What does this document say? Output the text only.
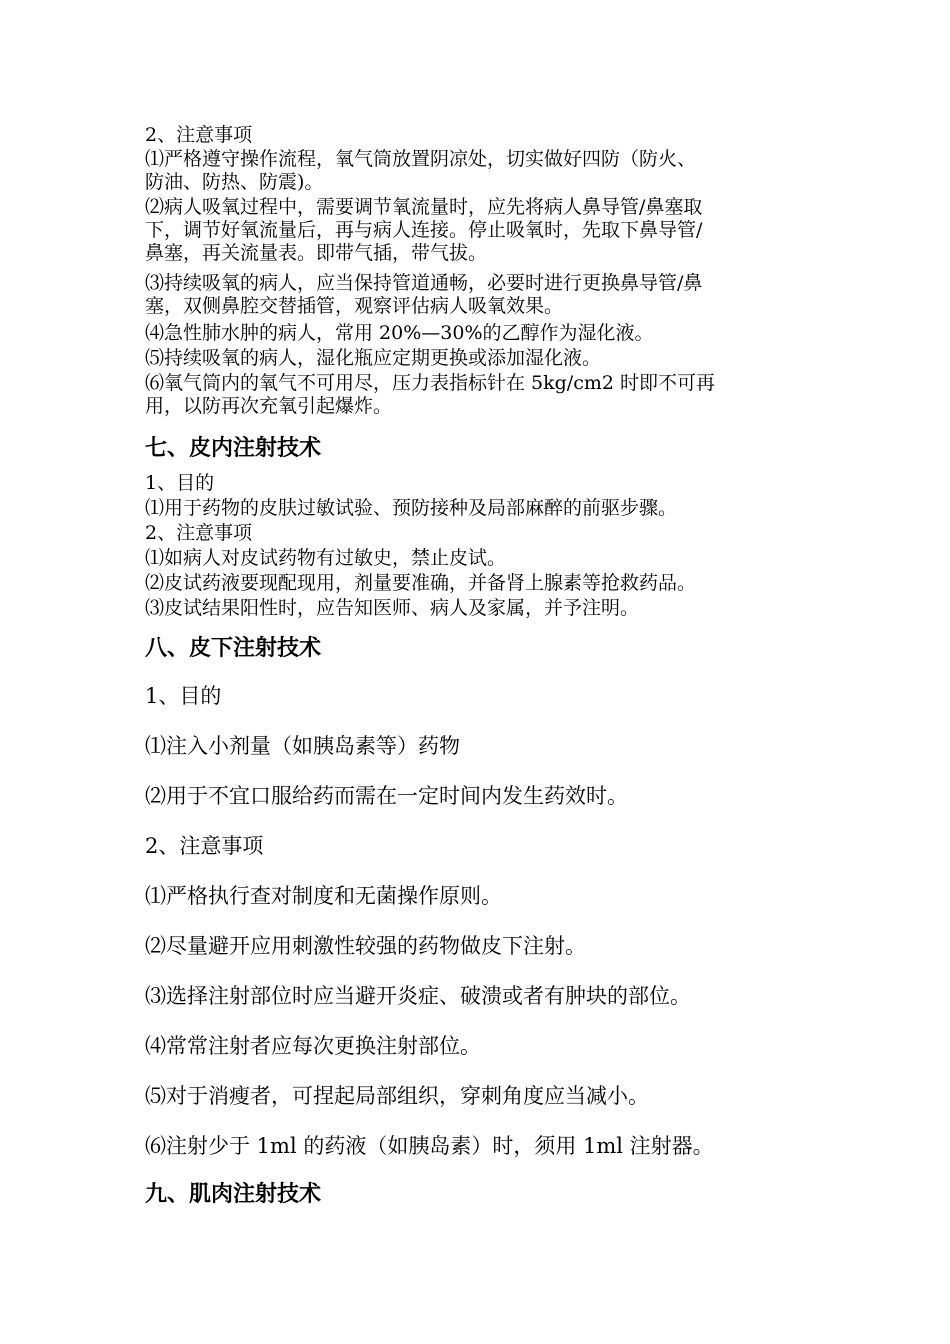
2、注意事项

⑴严格遵守操作流程，氧气筒放置阴凉处，切实做好四防（防火、
防油、防热、防震)。

⑵病人吸氧过程中，需要调节氧流量时，应先将病人鼻导管/鼻塞取
下，调节好氧流量后，再与病人连接。停止吸氧时，先取下鼻导管/
鼻塞，再关流量表。即带气插，带气拔。

⑶持续吸氧的病人，应当保持管道通畅，必要时进行更换鼻导管/鼻
塞，双侧鼻腔交替插管，观察评估病人吸氧效果。

⑷急性肺水肿的病人，常用 20%—30%的乙醇作为湿化液。

⑸持续吸氧的病人，湿化瓶应定期更换或添加湿化液。

⑹氧气筒内的氧气不可用尽，压力表指标针在 5kg/cm2 时即不可再
用，以防再次充氧引起爆炸。

七、皮内注射技术

1、目的

⑴用于药物的皮肤过敏试验、预防接种及局部麻醉的前驱步骤。

2、注意事项

⑴如病人对皮试药物有过敏史，禁止皮试。

⑵皮试药液要现配现用，剂量要准确，并备肾上腺素等抢救药品。

⑶皮试结果阳性时，应告知医师、病人及家属，并予注明。

八、皮下注射技术

1、目的

⑴注入小剂量（如胰岛素等）药物

⑵用于不宜口服给药而需在一定时间内发生药效时。

2、注意事项

⑴严格执行查对制度和无菌操作原则。

⑵尽量避开应用刺激性较强的药物做皮下注射。

⑶选择注射部位时应当避开炎症、破溃或者有肿块的部位。

⑷常常注射者应每次更换注射部位。

⑸对于消瘦者，可捏起局部组织，穿刺角度应当减小。

⑹注射少于 1ml 的药液（如胰岛素）时，须用 1ml 注射器。

九、肌肉注射技术
